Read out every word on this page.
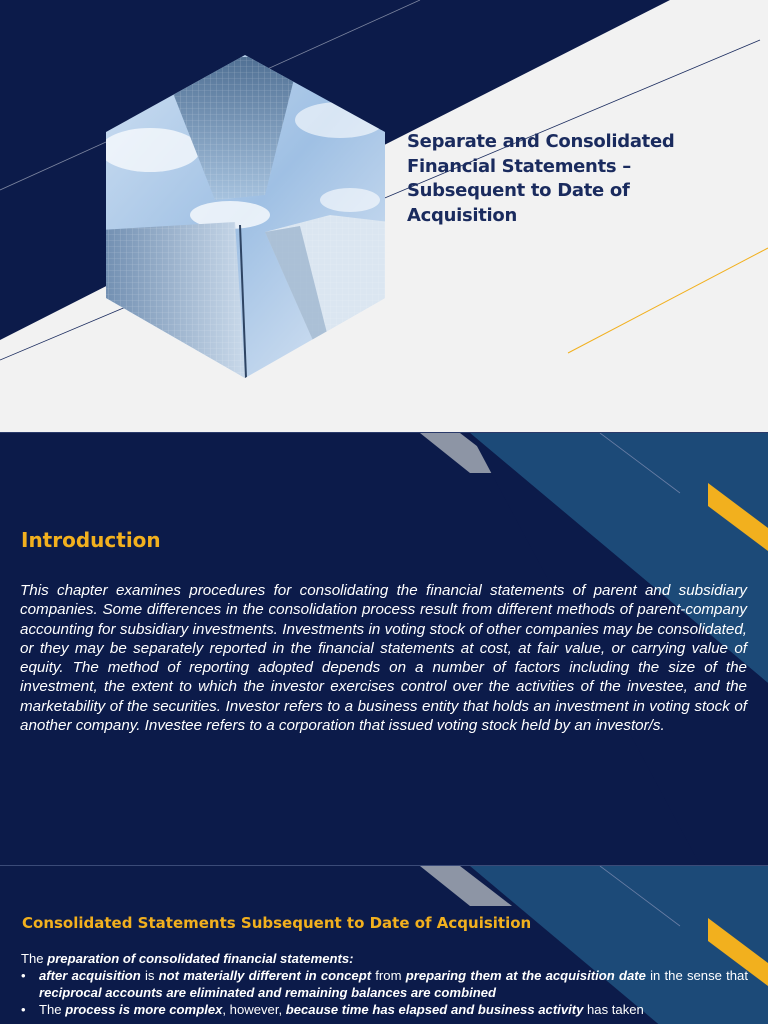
Separate and Consolidated Financial Statements – Subsequent to Date of Acquisition
Introduction
This chapter examines procedures for consolidating the financial statements of parent and subsidiary companies. Some differences in the consolidation process result from different methods of parent-company accounting for subsidiary investments. Investments in voting stock of other companies may be consolidated, or they may be separately reported in the financial statements at cost, at fair value, or carrying value of equity. The method of reporting adopted depends on a number of factors including the size of the investment, the extent to which the investor exercises control over the activities of the investee, and the marketability of the securities. Investor refers to a business entity that holds an investment in voting stock of another company. Investee refers to a corporation that issued voting stock held by an investor/s.
Consolidated Statements Subsequent to Date of Acquisition
The preparation of consolidated financial statements:
• after acquisition is not materially different in concept from preparing them at the acquisition date in the sense that reciprocal accounts are eliminated and remaining balances are combined
• The process is more complex, however, because time has elapsed and business activity has taken
